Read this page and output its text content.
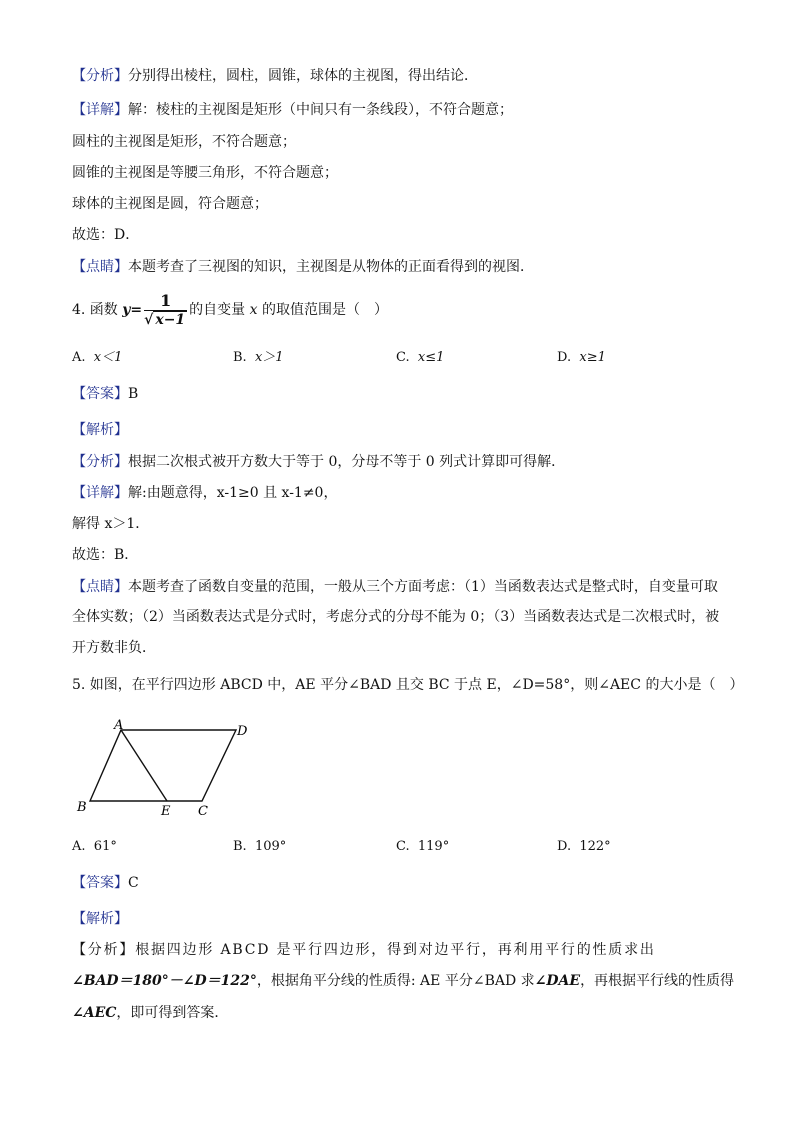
【分析】分别得出棱柱，圆柱，圆锥，球体的主视图，得出结论．
【详解】解：棱柱的主视图是矩形（中间只有一条线段），不符合题意；
圆柱的主视图是矩形，不符合题意；
圆锥的主视图是等腰三角形，不符合题意；
球体的主视图是圆，符合题意；
故选：D．
【点睛】本题考查了三视图的知识，主视图是从物体的正面看得到的视图．
4. 函数 $y= \frac{1}{√ x-1}$ 的自变量 x 的取值范围是（　）
A. x＜1	B. x＞1	C. x≤1	D. x≥1
【答案】B
【解析】
【分析】根据二次根式被开方数大于等于 0，分母不等于 0 列式计算即可得解．
【详解】解:由题意得，x-1≥0 且 x-1≠0，
解得 x＞1．
故选：B．
【点睛】本题考查了函数自变量的范围，一般从三个方面考虑：（1）当函数表达式是整式时，自变量可取
全体实数；（2）当函数表达式是分式时，考虑分式的分母不能为 0；（3）当函数表达式是二次根式时，被
开方数非负．
5. 如图，在平行四边形 ABCD 中，AE 平分∠BAD 且交 BC 于点 E，∠D=58°，则∠AEC 的大小是（　）
A	D
B	E C
A. 61°	B. 109°	C. 119°	D. 122°
【答案】C
【解析】
【分析】根据四边形 ABCD 是平行四边形，得到对边平行，再利用平行的性质求出
∠BAD＝180°－∠D＝122°，根据角平分线的性质得: AE 平分∠BAD 求∠DAE，再根据平行线的性质得
∠AEC，即可得到答案．
